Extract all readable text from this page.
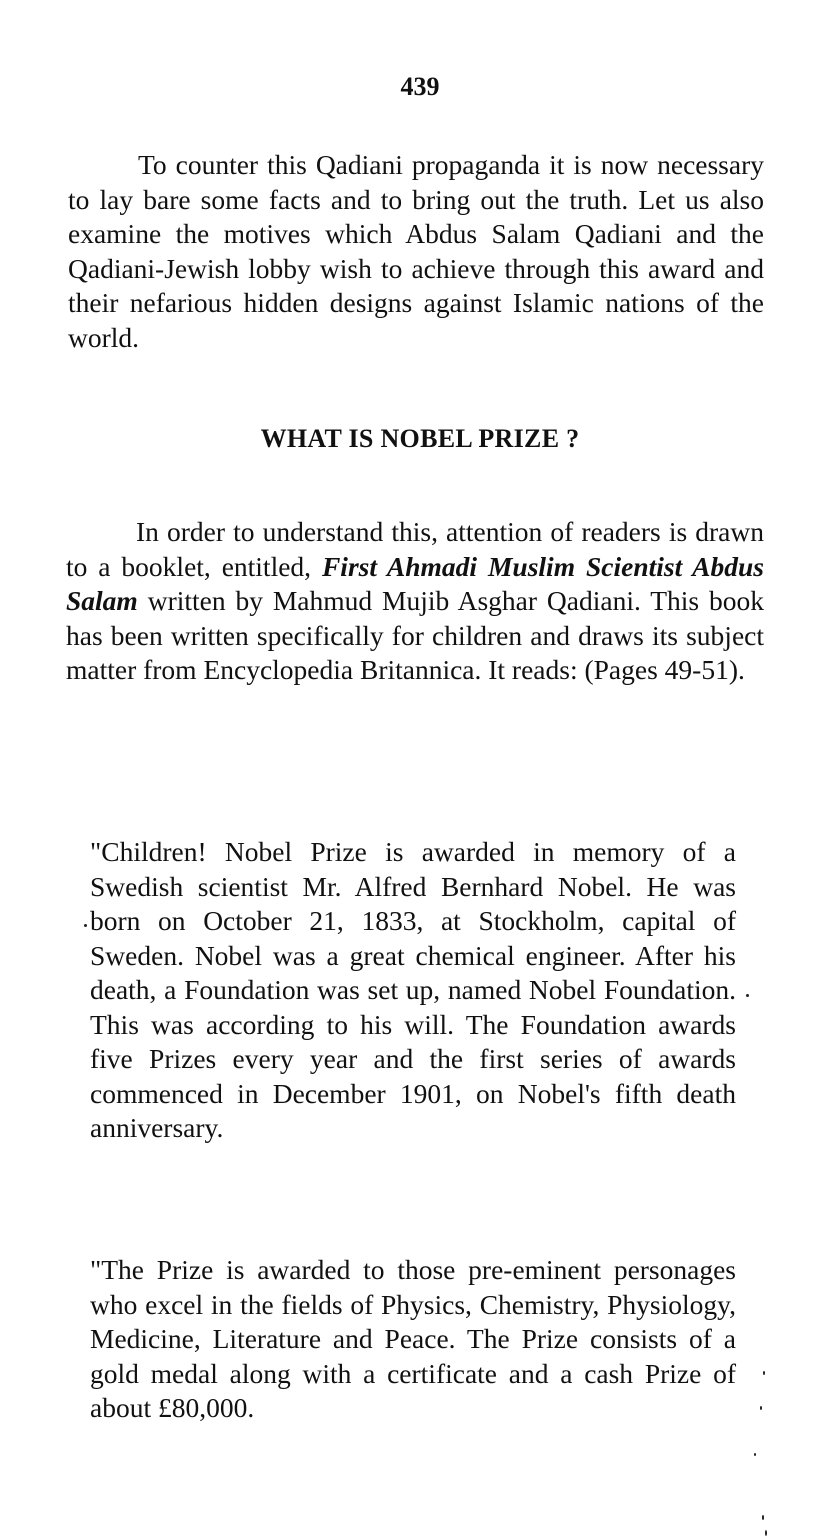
439

To counter this Qadiani propaganda it is now necessary to lay bare some facts and to bring out the truth. Let us also examine the motives which Abdus Salam Qadiani and the Qadiani-Jewish lobby wish to achieve through this award and their nefarious hidden designs against Islamic nations of the world.

WHAT IS NOBEL PRIZE ?

In order to understand this, attention of readers is drawn to a booklet, entitled, First Ahmadi Muslim Scientist Abdus Salam written by Mahmud Mujib Asghar Qadiani. This book has been written specifically for children and draws its subject matter from Encyclopedia Britannica. It reads: (Pages 49-51).

"Children! Nobel Prize is awarded in memory of a Swedish scientist Mr. Alfred Bernhard Nobel. He was born on October 21, 1833, at Stockholm, capital of Sweden. Nobel was a great chemical engineer. After his death, a Foundation was set up, named Nobel Foundation. This was according to his will. The Foundation awards five Prizes every year and the first series of awards commenced in December 1901, on Nobel's fifth death anniversary.

"The Prize is awarded to those pre-eminent personages who excel in the fields of Physics, Chemistry, Physiology, Medicine, Literature and Peace. The Prize consists of a gold medal along with a certificate and a cash Prize of about £80,000.
